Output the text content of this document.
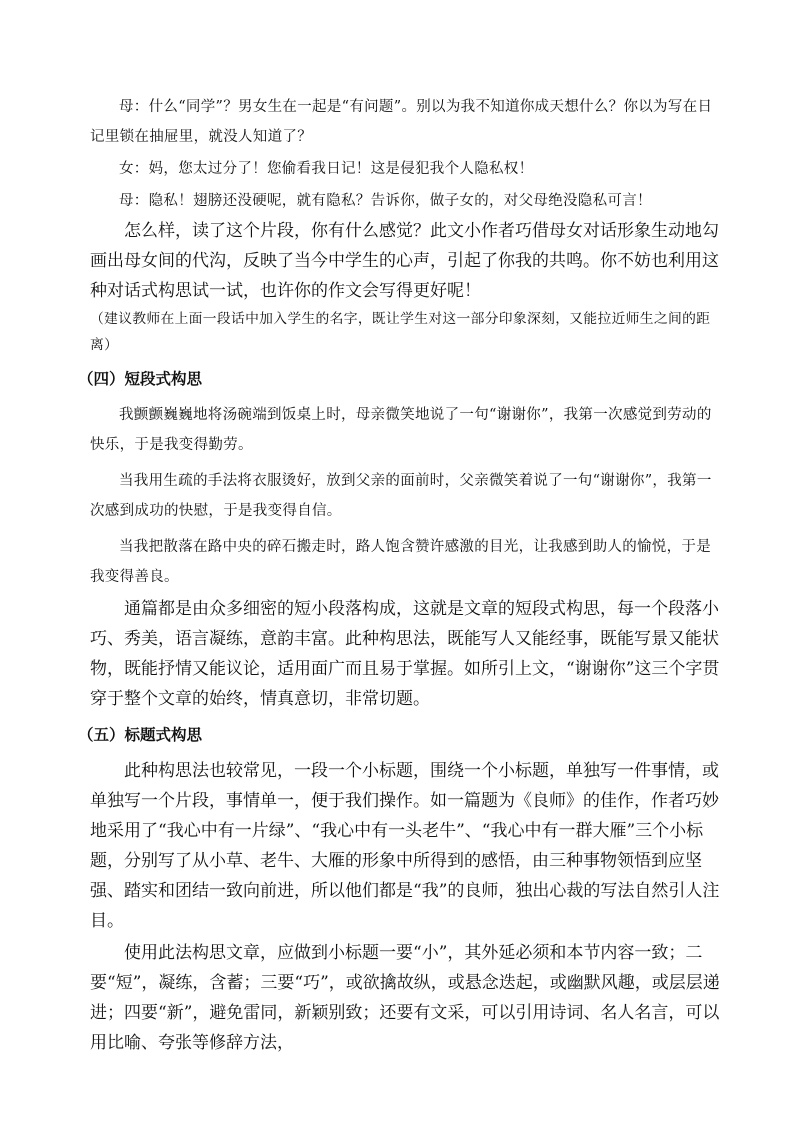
母：什么“同学”？男女生在一起是“有问题”。别以为我不知道你成天想什么？你以为写在日记里锁在抽屉里，就没人知道了？

女：妈，您太过分了！您偷看我日记！这是侵犯我个人隐私权！

母：隐私！翅膀还没硬呢，就有隐私？告诉你，做子女的，对父母绝没隐私可言！

怎么样，读了这个片段，你有什么感觉？此文小作者巧借母女对话形象生动地勾画出母女间的代沟，反映了当今中学生的心声，引起了你我的共鸣。你不妨也利用这种对话式构思试一试，也许你的作文会写得更好呢！

（建议教师在上面一段话中加入学生的名字，既让学生对这一部分印象深刻，又能拉近师生之间的距离）

（四）短段式构思

我颤颤巍巍地将汤碗端到饭桌上时，母亲微笑地说了一句“谢谢你”，我第一次感觉到劳动的快乐，于是我变得勤劳。

当我用生疏的手法将衣服烫好，放到父亲的面前时，父亲微笑着说了一句“谢谢你”，我第一次感到成功的快慰，于是我变得自信。

当我把散落在路中央的碎石搬走时，路人饱含赞许感激的目光，让我感到助人的愉悦，于是我变得善良。

通篇都是由众多细密的短小段落构成，这就是文章的短段式构思，每一个段落小巧、秀美，语言凝练，意韵丰富。此种构思法，既能写人又能经事，既能写景又能状物，既能抒情又能议论，适用面广而且易于掌握。如所引上文，“谢谢你”这三个字贯穿于整个文章的始终，情真意切，非常切题。

（五）标题式构思

此种构思法也较常见，一段一个小标题，围绕一个小标题，单独写一件事情，或单独写一个片段，事情单一，便于我们操作。如一篇题为《良师》的佳作，作者巧妙地采用了“我心中有一片绿”、“我心中有一头老牛”、“我心中有一群大雁”三个小标题，分别写了从小草、老牛、大雁的形象中所得到的感悟，由三种事物领悟到应坚强、踏实和团结一致向前进，所以他们都是“我”的良师，独出心裁的写法自然引人注目。

使用此法构思文章，应做到小标题一要“小”，其外延必须和本节内容一致；二要“短”，凝练，含蓄；三要“巧”，或欲擒故纵，或悬念迭起，或幽默风趣，或层层递进；四要“新”，避免雷同，新颖别致；还要有文采，可以引用诗词、名人名言，可以用比喻、夸张等修辞方法，
